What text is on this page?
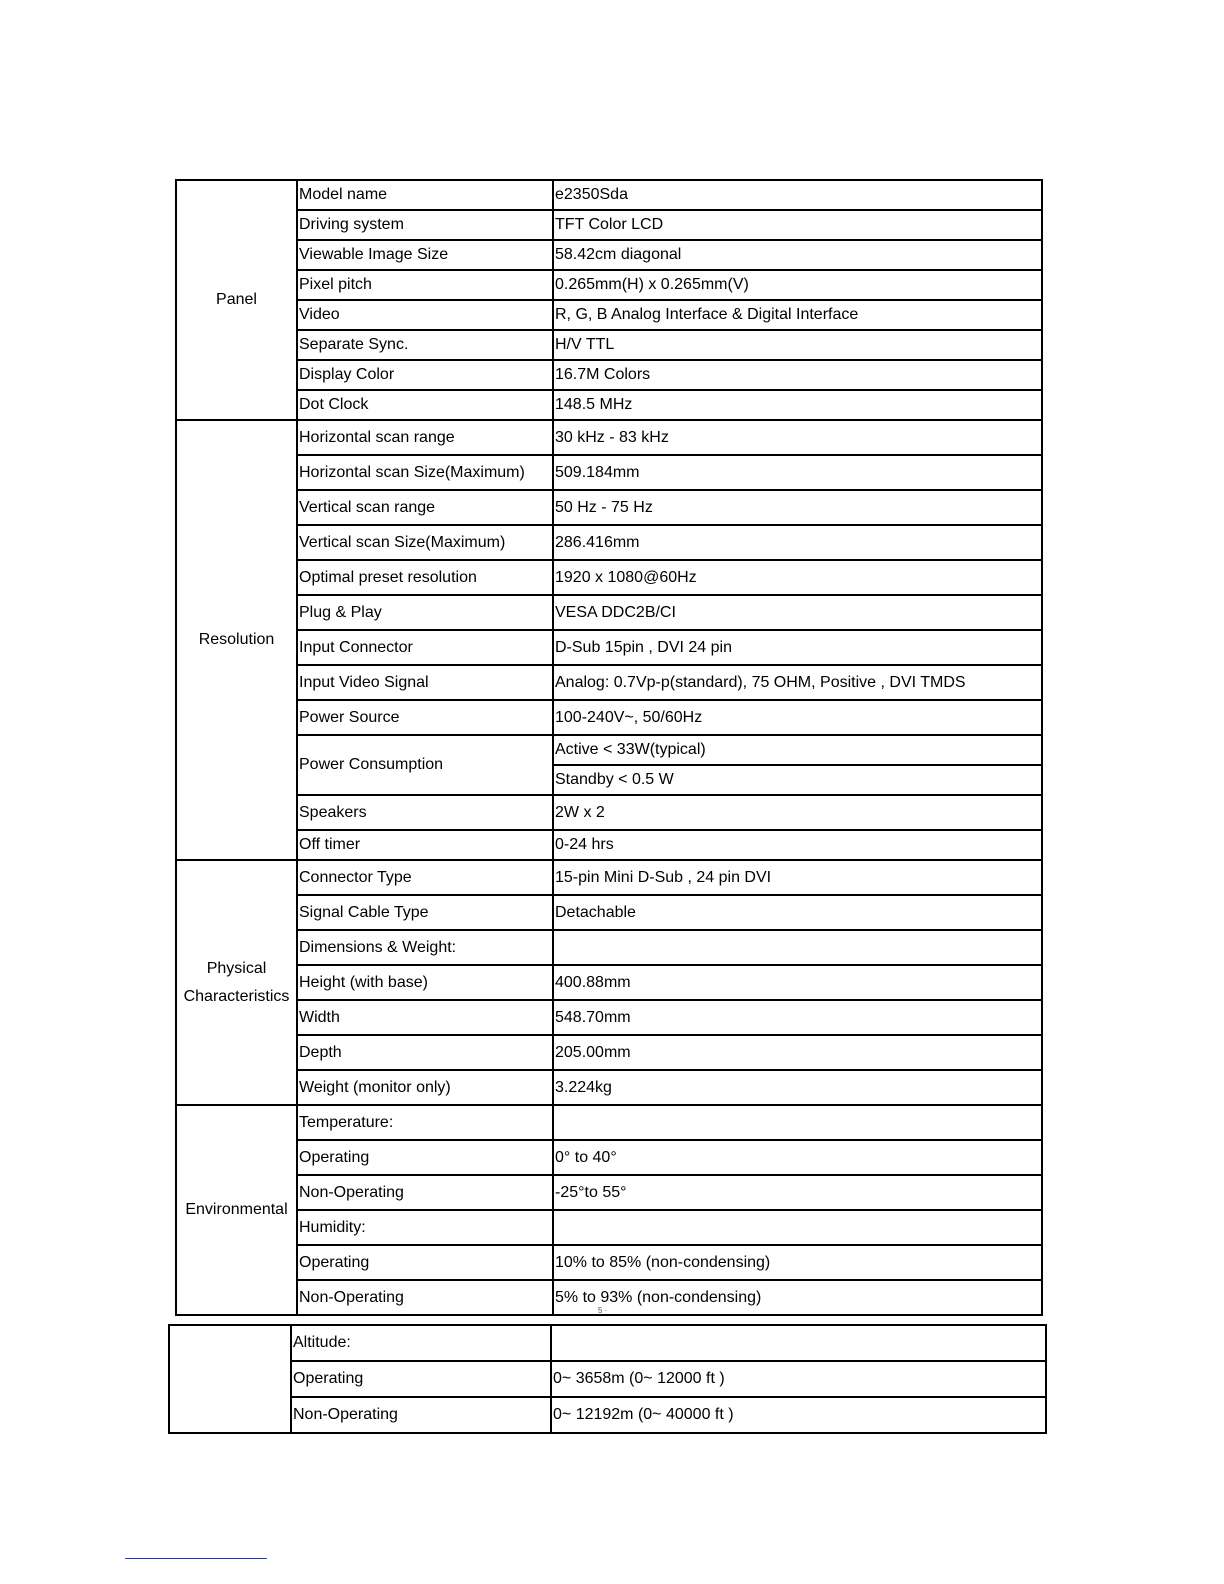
Panel	Model name	e2350Sda
	Driving system	TFT Color LCD
	Viewable Image Size	58.42cm diagonal
	Pixel pitch	0.265mm(H) x 0.265mm(V)
	Video	R, G, B Analog Interface & Digital Interface
	Separate Sync.	H/V TTL
	Display Color	16.7M Colors
	Dot Clock	148.5 MHz
Resolution	Horizontal scan range	30 kHz - 83 kHz
	Horizontal scan Size(Maximum)	509.184mm
	Vertical scan range	50 Hz - 75 Hz
	Vertical scan Size(Maximum)	286.416mm
	Optimal preset resolution	1920 x 1080@60Hz
	Plug & Play	VESA DDC2B/CI
	Input Connector	D-Sub 15pin , DVI 24 pin
	Input Video Signal	Analog: 0.7Vp-p(standard), 75 OHM, Positive , DVI TMDS
	Power Source	100-240V~, 50/60Hz
	Power Consumption	Active < 33W(typical)
		Standby < 0.5 W
	Speakers	2W x 2
	Off timer	0-24 hrs
Physical
Characteristics	Connector Type	15-pin Mini D-Sub , 24 pin DVI
	Signal Cable Type	Detachable
	Dimensions & Weight:	
	Height (with base)	400.88mm
	Width	548.70mm
	Depth	205.00mm
	Weight (monitor only)	3.224kg
Environmental	Temperature:	
	Operating	0° to 40°
	Non-Operating	-25°to 55°
	Humidity:	
	Operating	10% to 85% (non-condensing)
	Non-Operating	5% to 93% (non-condensing)
5 ·
	Altitude:	
	Operating	0~ 3658m (0~ 12000 ft )
	Non-Operating	0~ 12192m (0~ 40000 ft )
